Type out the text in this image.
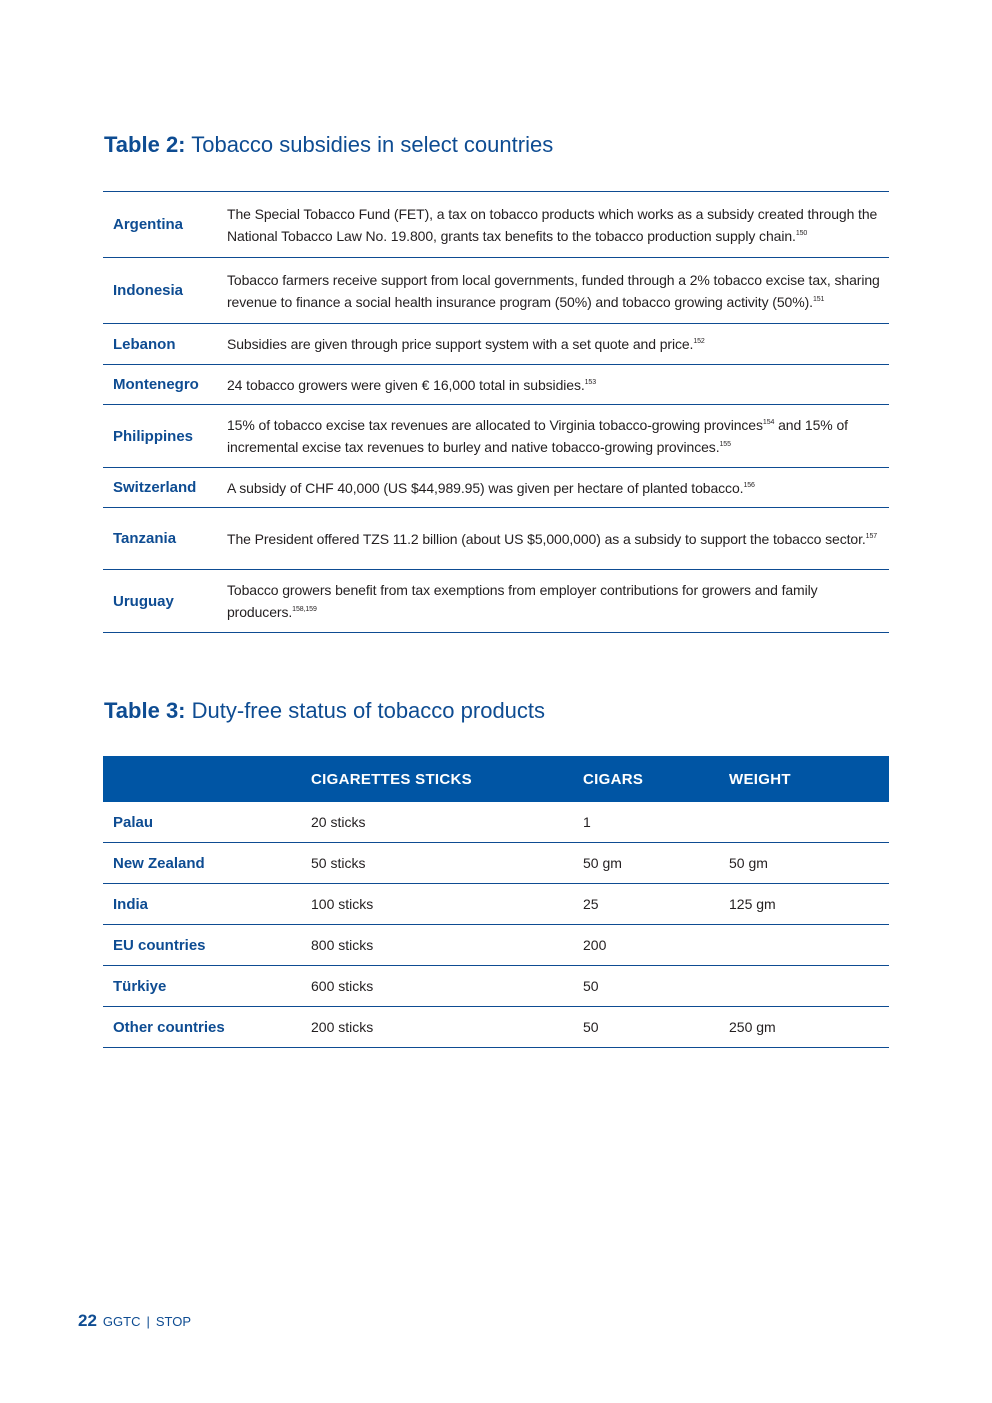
Table 2: Tobacco subsidies in select countries
Argentina	The Special Tobacco Fund (FET), a tax on tobacco products which works as a subsidy created through the National Tobacco Law No. 19.800, grants tax benefits to the tobacco production supply chain.$^{150}$
Indonesia	Tobacco farmers receive support from local governments, funded through a 2% tobacco excise tax, sharing revenue to finance a social health insurance program (50%) and tobacco growing activity (50%).$^{151}$
Lebanon	Subsidies are given through price support system with a set quote and price.$^{152}$
Montenegro	24 tobacco growers were given € 16,000 total in subsidies.$^{153}$
Philippines	15% of tobacco excise tax revenues are allocated to Virginia tobacco-growing provinces$^{154}$ and 15% of incremental excise tax revenues to burley and native tobacco-growing provinces.$^{155}$
Switzerland	A subsidy of CHF 40,000 (US $44,989.95) was given per hectare of planted tobacco.$^{156}$
Tanzania	The President offered TZS 11.2 billion (about US $5,000,000) as a subsidy to support the tobacco sector.$^{157}$
Uruguay	Tobacco growers benefit from tax exemptions from employer contributions for growers and family producers.$^{158,159}$
Table 3: Duty-free status of tobacco products
	CIGARETTES STICKS	CIGARS	WEIGHT
Palau	20 sticks	1	
New Zealand	50 sticks	50 gm	50 gm
India	100 sticks	25	125 gm
EU countries	800 sticks	200	
Türkiye	600 sticks	50	
Other countries	200 sticks	50	250 gm
22 GGTC | STOP
